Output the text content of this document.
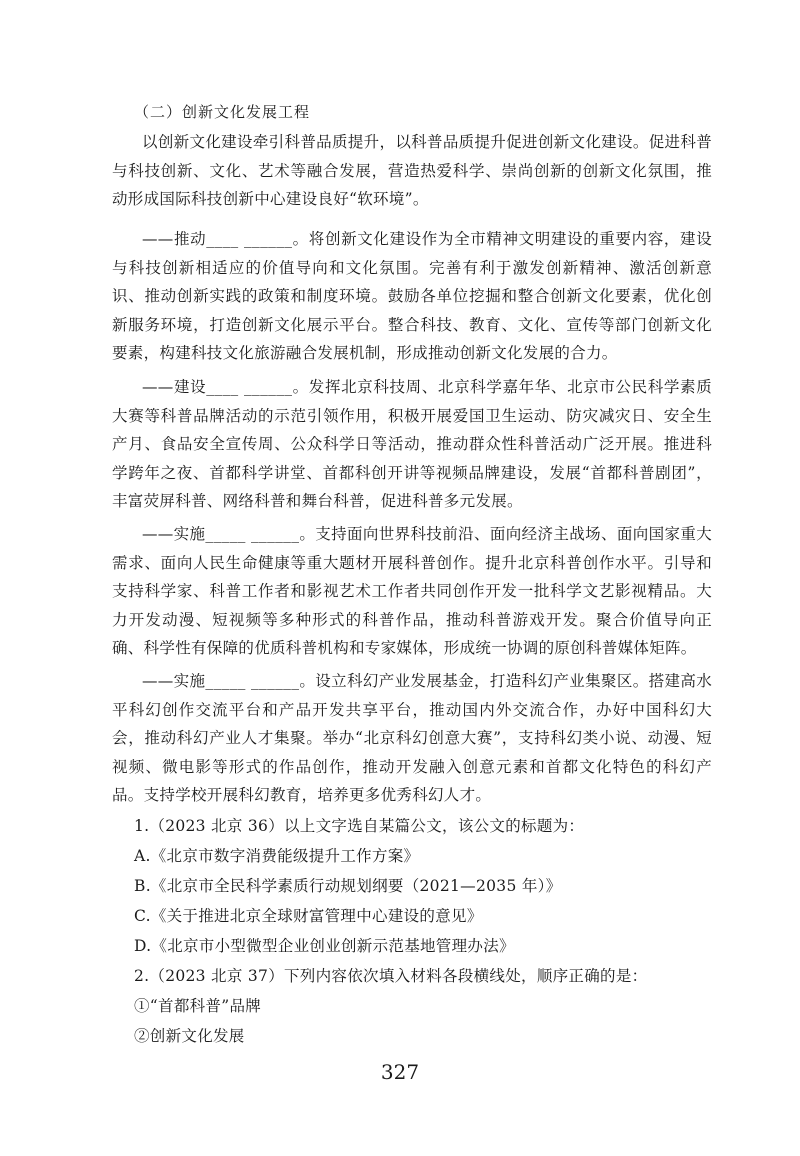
（二）创新文化发展工程
以创新文化建设牵引科普品质提升，以科普品质提升促进创新文化建设。促进科普与科技创新、文化、艺术等融合发展，营造热爱科学、崇尚创新的创新文化氛围，推动形成国际科技创新中心建设良好“软环境”。
——推动____ ______。将创新文化建设作为全市精神文明建设的重要内容，建设与科技创新相适应的价值导向和文化氛围。完善有利于激发创新精神、激活创新意识、推动创新实践的政策和制度环境。鼓励各单位挖掘和整合创新文化要素，优化创新服务环境，打造创新文化展示平台。整合科技、教育、文化、宣传等部门创新文化要素，构建科技文化旅游融合发展机制，形成推动创新文化发展的合力。
——建设____ ______。发挥北京科技周、北京科学嘉年华、北京市公民科学素质大赛等科普品牌活动的示范引领作用，积极开展爱国卫生运动、防灾减灾日、安全生产月、食品安全宣传周、公众科学日等活动，推动群众性科普活动广泛开展。推进科学跨年之夜、首都科学讲堂、首都科创开讲等视频品牌建设，发展“首都科普剧团”，丰富荧屏科普、网络科普和舞台科普，促进科普多元发展。
——实施_____ ______。支持面向世界科技前沿、面向经济主战场、面向国家重大需求、面向人民生命健康等重大题材开展科普创作。提升北京科普创作水平。引导和支持科学家、科普工作者和影视艺术工作者共同创作开发一批科学文艺影视精品。大力开发动漫、短视频等多种形式的科普作品，推动科普游戏开发。聚合价值导向正确、科学性有保障的优质科普机构和专家媒体，形成统一协调的原创科普媒体矩阵。
——实施_____ ______。设立科幻产业发展基金，打造科幻产业集聚区。搭建高水平科幻创作交流平台和产品开发共享平台，推动国内外交流合作，办好中国科幻大会，推动科幻产业人才集聚。举办“北京科幻创意大赛”，支持科幻类小说、动漫、短视频、微电影等形式的作品创作，推动开发融入创意元素和首都文化特色的科幻产品。支持学校开展科幻教育，培养更多优秀科幻人才。
1.（2023 北京 36）以上文字选自某篇公文，该公文的标题为：
A.《北京市数字消费能级提升工作方案》
B.《北京市全民科学素质行动规划纲要（2021—2035 年）》
C.《关于推进北京全球财富管理中心建设的意见》
D.《北京市小型微型企业创业创新示范基地管理办法》
2.（2023 北京 37）下列内容依次填入材料各段横线处，顺序正确的是：
①“首都科普”品牌
②创新文化发展
327
